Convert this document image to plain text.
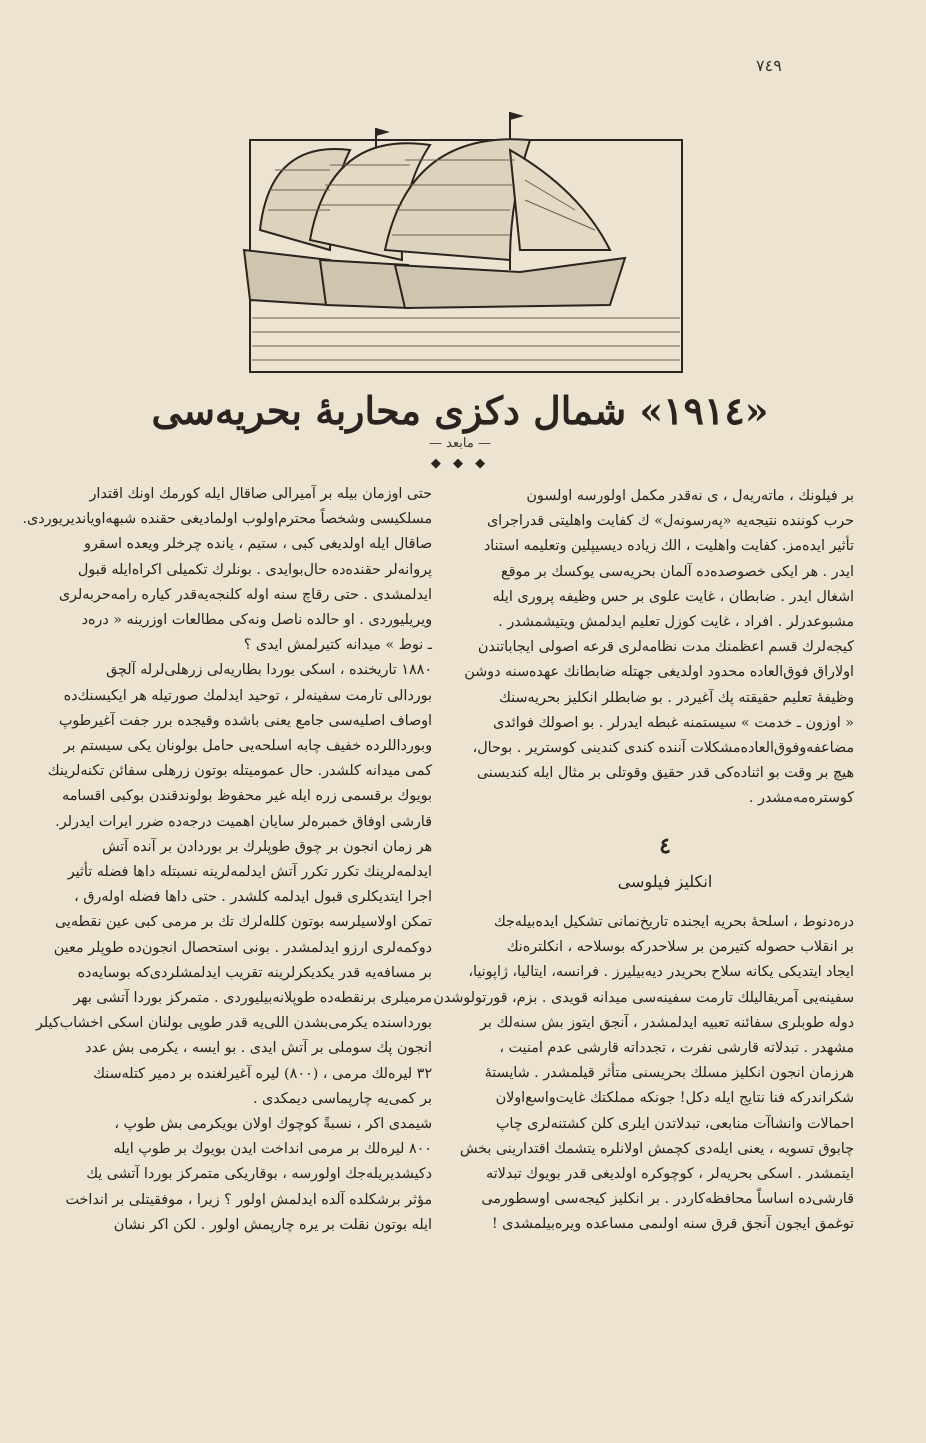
٧٤٩
«١٩١٤» شمال دكزى محاربهٔ بحريه‌سى
— مابعد —
◆ ◆ ◆

بر فيلونك ، ماتەريەل ، ى نەقدر مكمل اولورسه اولسون
حرب كوننده نتيجه‌يه «پەرسونەل» ك كفايت واهليتى قدراجراى
تأثير ايدەمز. كفايت واهليت ، الك زياده ديسيپلين وتعليمه استناد
ايدر . هر ايكى خصوصده‌ده آلمان بحريه‌سى يوكسك بر موقع
اشغال ايدر . ضابطان ، غايت علوى بر حس وظيفه پرورى ايله
مشبوعدرلر . افراد ، غايت كوزل تعليم ايدلمش ويتيشمشدر .
كيجه‌لرك قسم اعظمنك مدت نظامه‌لرى قرعه اصولى ايجاباتندن
اولاراق فوق‌العاده محدود اولديغى جهتله ضابطانك عهده‌سنه دوشن
وظيفهٔ تعليم حقيقته پك آغيردر . بو ضابطلر انكليز بحريه‌سنك
« اوزون ـ خدمت » سيستمنه غبطه ايدرلر . بو اصولك فوائدى
مضاعفه‌وفوق‌العاده‌مشكلات آننده كندى كندينى كوسترير . بوحال،
هيچ بر وقت بو اثناده‌كى قدر حقيق وقوتلى بر مثال ايله كنديسنى
كوسترەمەمشدر .

٤
انكليز فيلوسى

درەدنوط ، اسلحهٔ بحريه ايجنده تاريخ‌نمانى تشكيل ايدەبيله‌جك
بر انقلاب حصوله كتيرمن بر سلاحدركه بوسلاحه ، انكلترەنك
ايجاد ايتديكى يكانه سلاح بحريدر ديەبيليرز . فرانسه، ايتاليا، ژاپونيا،
سفينه‌يى آمريقاليلك تارمت سفينه‌سى ميدانه قويدى . بزم، قورتولوشدن
دوله طوبلرى سفائنه تعبيه ايدلمشدر ، آنجق ايتوز بش سنه‌لك بر
مشهدر . تبدلاته قارشى نفرت ، تجدداته قارشى عدم امنيت ،
هرزمان انجون انكليز مسلك بحريسنى متأثر قيلمشدر . شايستهٔ
شكراندركه فنا نتايج ايله دكل! جونكه مملكتك غايت‌واسع‌اولان
احمالات وانشاآت منابعى، تبدلاتدن ايلرى كلن كشتنه‌لرى چاپ
چابوق تسويه ، يعنى ايله‌دى كچمش اولانلره يتشمك اقتدارينى بخش
ايتمشدر . اسكى بحريه‌لر ، كوچوكره اولديغى قدر بويوك تبدلاته
قارشى‌ده اساساً محافظه‌كاردر . بر انكليز كيجه‌سى اوسطورمى
توغمق ايجون آنجق قرق سنه اولىمى مساعده ويرەبيلمشدى !

حتى اوزمان بيله بر آميرالى صاقال ايله كورمك اونك اقتدار
مسلكيسى وشخصاً محترم‌اولوب اولماديغى حقنده شبهه‌اويانديريوردى.
صاقال ايله اولديغى كبى ، ستيم ، يانده چرخلر ويعده اسقرو
پروانه‌لر حقنده‌ده حال‌بوايدى . بونلرك تكميلى اكراه‌ايله قبول
ايدلمشدى . حتى رقاچ سنه اوله كلنجه‌يه‌قدر كيارە رامه‌حربه‌لرى
ويريليوردى . او حالده ناصل ونه‌كى مطالعات اوزرينه « درەد
ـ نوط » ميدانه كتيرلمش ايدى ؟

١٨٨٠ تاريخنده ، اسكى بوردا بطاريه‌لى زرهلى‌لرله آلچق
بوردالى تارمت سفينه‌لر ، توحيد ايدلمك صورتيله هر ايكيسنك‌ده
اوصاف اصليه‌سى جامع يعنى باشده وقيجده برر جفت آغيرطوپ
وبورداللرده خفيف چابه اسلحه‌يى حامل بولونان يكى سيستم بر
كمى ميدانه كلشدر. حال عموميتله بوتون زرهلى سفائن تكنه‌لرينك
بويوك برقسمى زره ايله غير محفوظ بولوندقندن بوكبى اقسامه
قارشى اوفاق خمبره‌لر سايان اهميت درجه‌ده ضرر ايرات ايدرلر.
هر زمان انجون بر چوق طوپلرك بر بوردادن بر آنده آتش
ايدلمه‌لرينك تكرر تكرر آتش ايدلمه‌لرينه نسبتله داها فضله تأثير
اجرا ايتديكلرى قبول ايدلمه كلشدر . حتى داها فضله اوله‌رق ،
تمكن اولاسيلرسه بوتون كلله‌لرك تك بر مرمى كبى عين نقطه‌يى
دوكمه‌لرى ارزو ايدلمشدر . بونى استحصال انجون‌ده طوپلر معين
بر مسافه‌يه قدر يكديكرلرينه تقريب ايدلمشلردى‌كه بوسايه‌ده
مرميلرى برنقطه‌ده طوپلانه‌بيليوردى . متمركز بوردا آتشى بهر
بورداسنده يكرمى‌بشدن اللى‌يه قدر طوپى بولنان اسكى اخشاب‌كيلر
انجون پك سوملى بر آتش ايدى . بو ايسه ، يكرمى بش عدد
٣٢ ليره‌لك مرمى ، (٨٠٠) ليره آغيرلغنده بر دمير كتله‌سنك
بر كمى‌يه چارپماسى ديمكدى .

شيمدى اكر ، نسبةً كوچوك اولان بويكرمى بش طوپ ،
٨٠٠ ليره‌لك بر مرمى انداخت ايدن بويوك بر طوپ ايله
دكيشديريله‌جك اولورسه ، بوقاريكى متمركز بوردا آتشى يك
مؤثر برشكلده آلده ايدلمش اولور ؟ زيرا ، موفقيتلى بر انداخت
ايله بوتون نقلت بر يره چارپمش اولور . لكن اكر نشان
